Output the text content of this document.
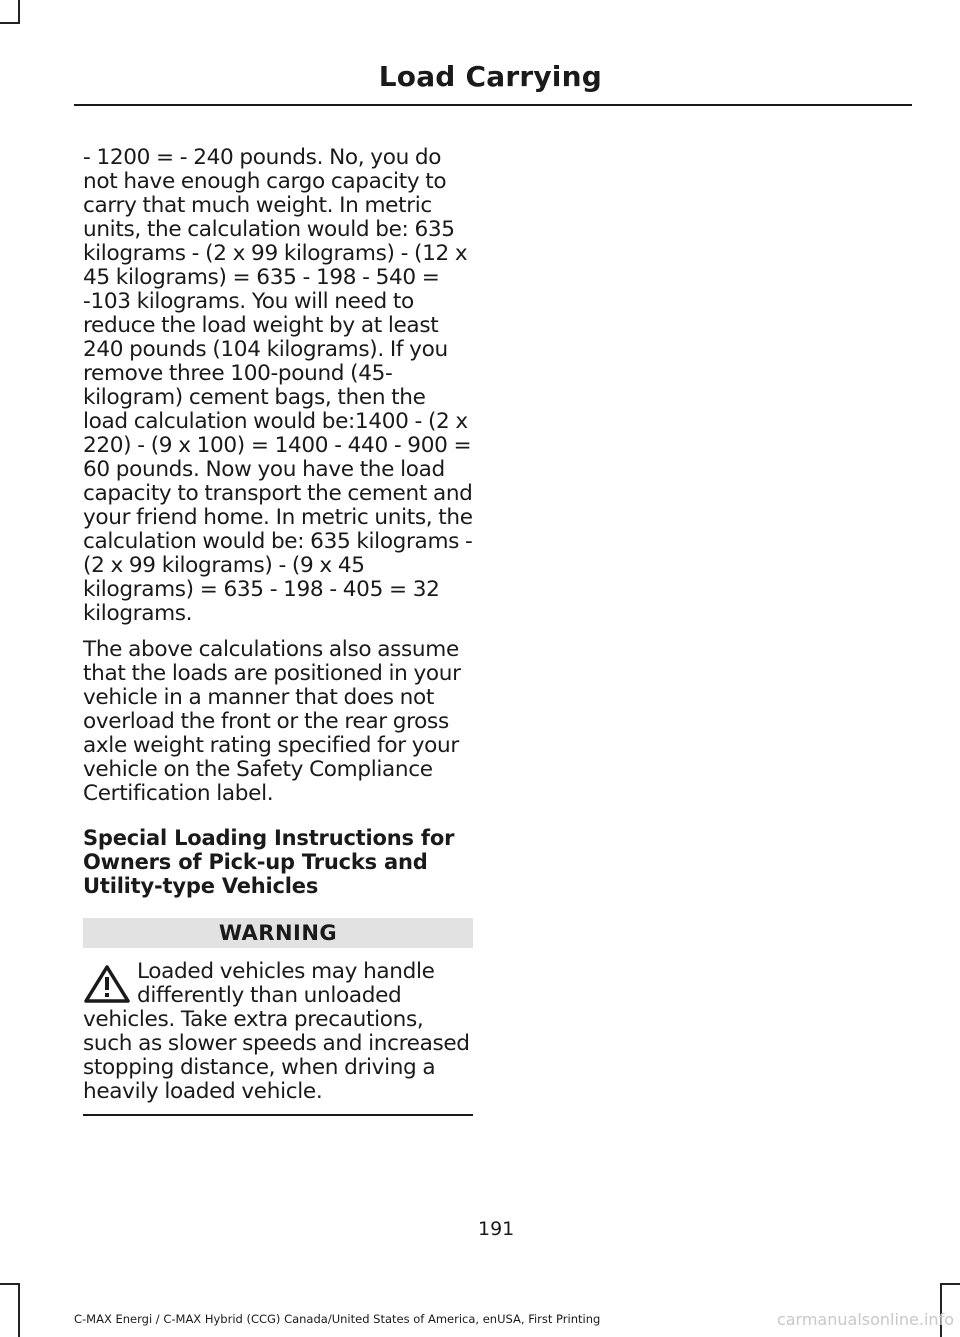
Load Carrying

- 1200 = - 240 pounds. No, you do not have enough cargo capacity to carry that much weight. In metric units, the calculation would be: 635 kilograms - (2 x 99 kilograms) - (12 x 45 kilograms) = 635 - 198 - 540 = -103 kilograms. You will need to reduce the load weight by at least 240 pounds (104 kilograms). If you remove three 100-pound (45-kilogram) cement bags, then the load calculation would be:1400 - (2 x 220) - (9 x 100) = 1400 - 440 - 900 = 60 pounds. Now you have the load capacity to transport the cement and your friend home. In metric units, the calculation would be: 635 kilograms - (2 x 99 kilograms) - (9 x 45 kilograms) = 635 - 198 - 405 = 32 kilograms.

The above calculations also assume that the loads are positioned in your vehicle in a manner that does not overload the front or the rear gross axle weight rating specified for your vehicle on the Safety Compliance Certification label.

Special Loading Instructions for Owners of Pick-up Trucks and Utility-type Vehicles
WARNING

Loaded vehicles may handle differently than unloaded vehicles. Take extra precautions, such as slower speeds and increased stopping distance, when driving a heavily loaded vehicle.

191
C-MAX Energi / C-MAX Hybrid (CCG) Canada/United States of America, enUSA, First Printing	carmanualsonline.info
